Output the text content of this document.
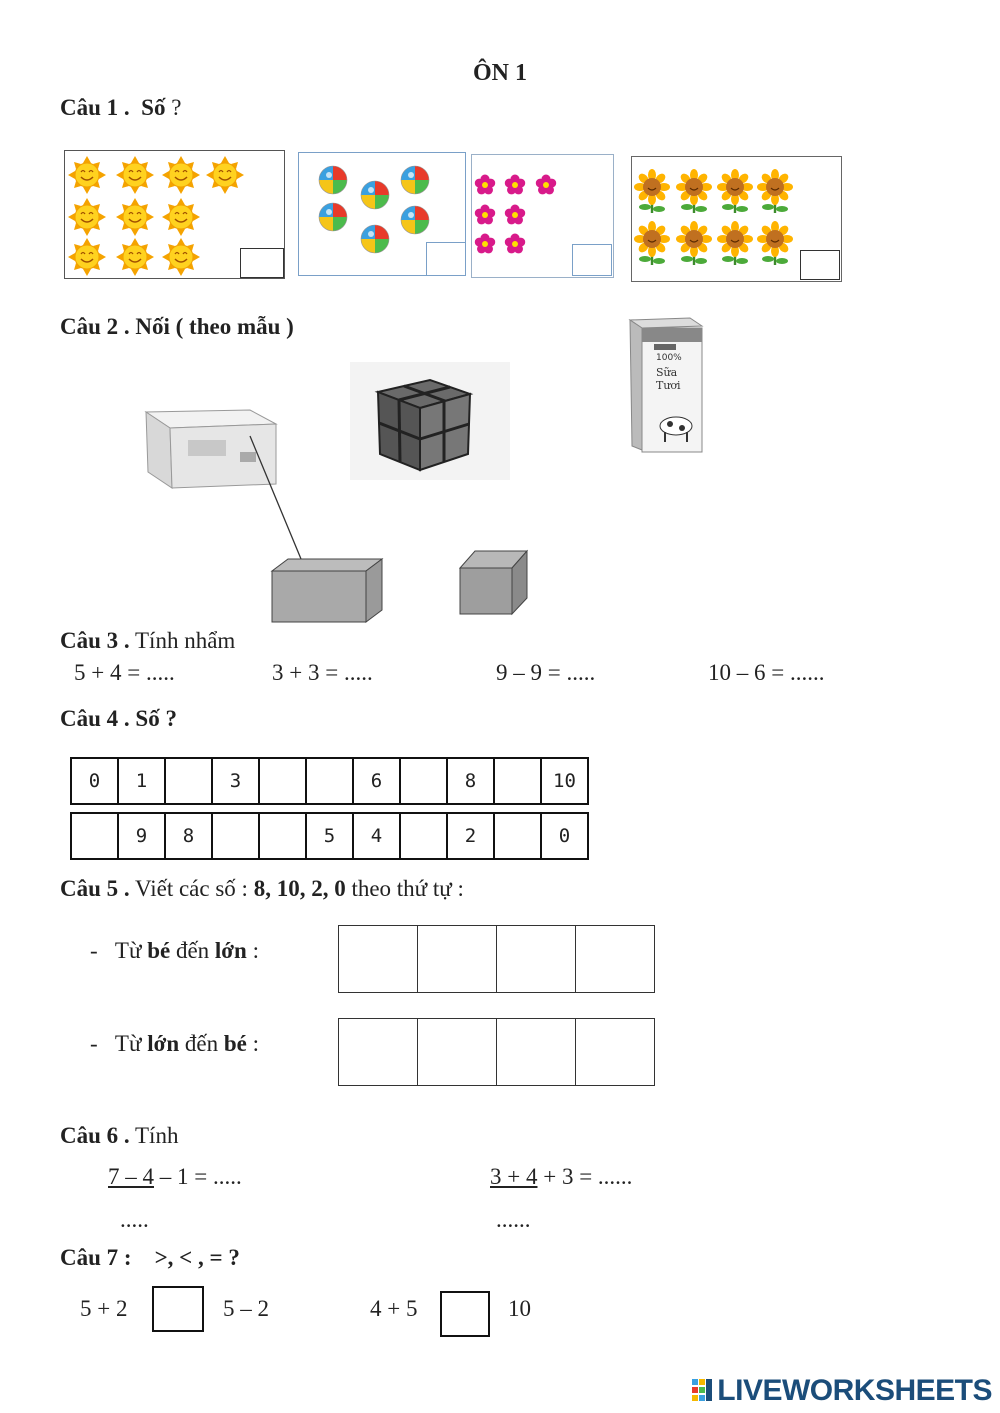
ÔN 1
Câu 1 . Số ?
Câu 2 . Nối ( theo mẫu )
100%
Sữa
Tươi
Câu 3 . Tính nhẩm
5 + 4 = .....	3 + 3 = .....	9 – 9 = .....	10 – 6 = ......
Câu 4 . Số ?
0	1		3			6		8		10
	9	8			5	4		2		0
Câu 5 . Viết các số : 8, 10, 2, 0 theo thứ tự :
- Từ bé đến lớn :

- Từ lớn đến bé :

Câu 6 . Tính
7 – 4 – 1 = .....
.....
3 + 4 + 3 = ......
......
Câu 7 : >, < , = ?
5 + 2	5 – 2	4 + 5	10
LIVEWORKSHEETS
